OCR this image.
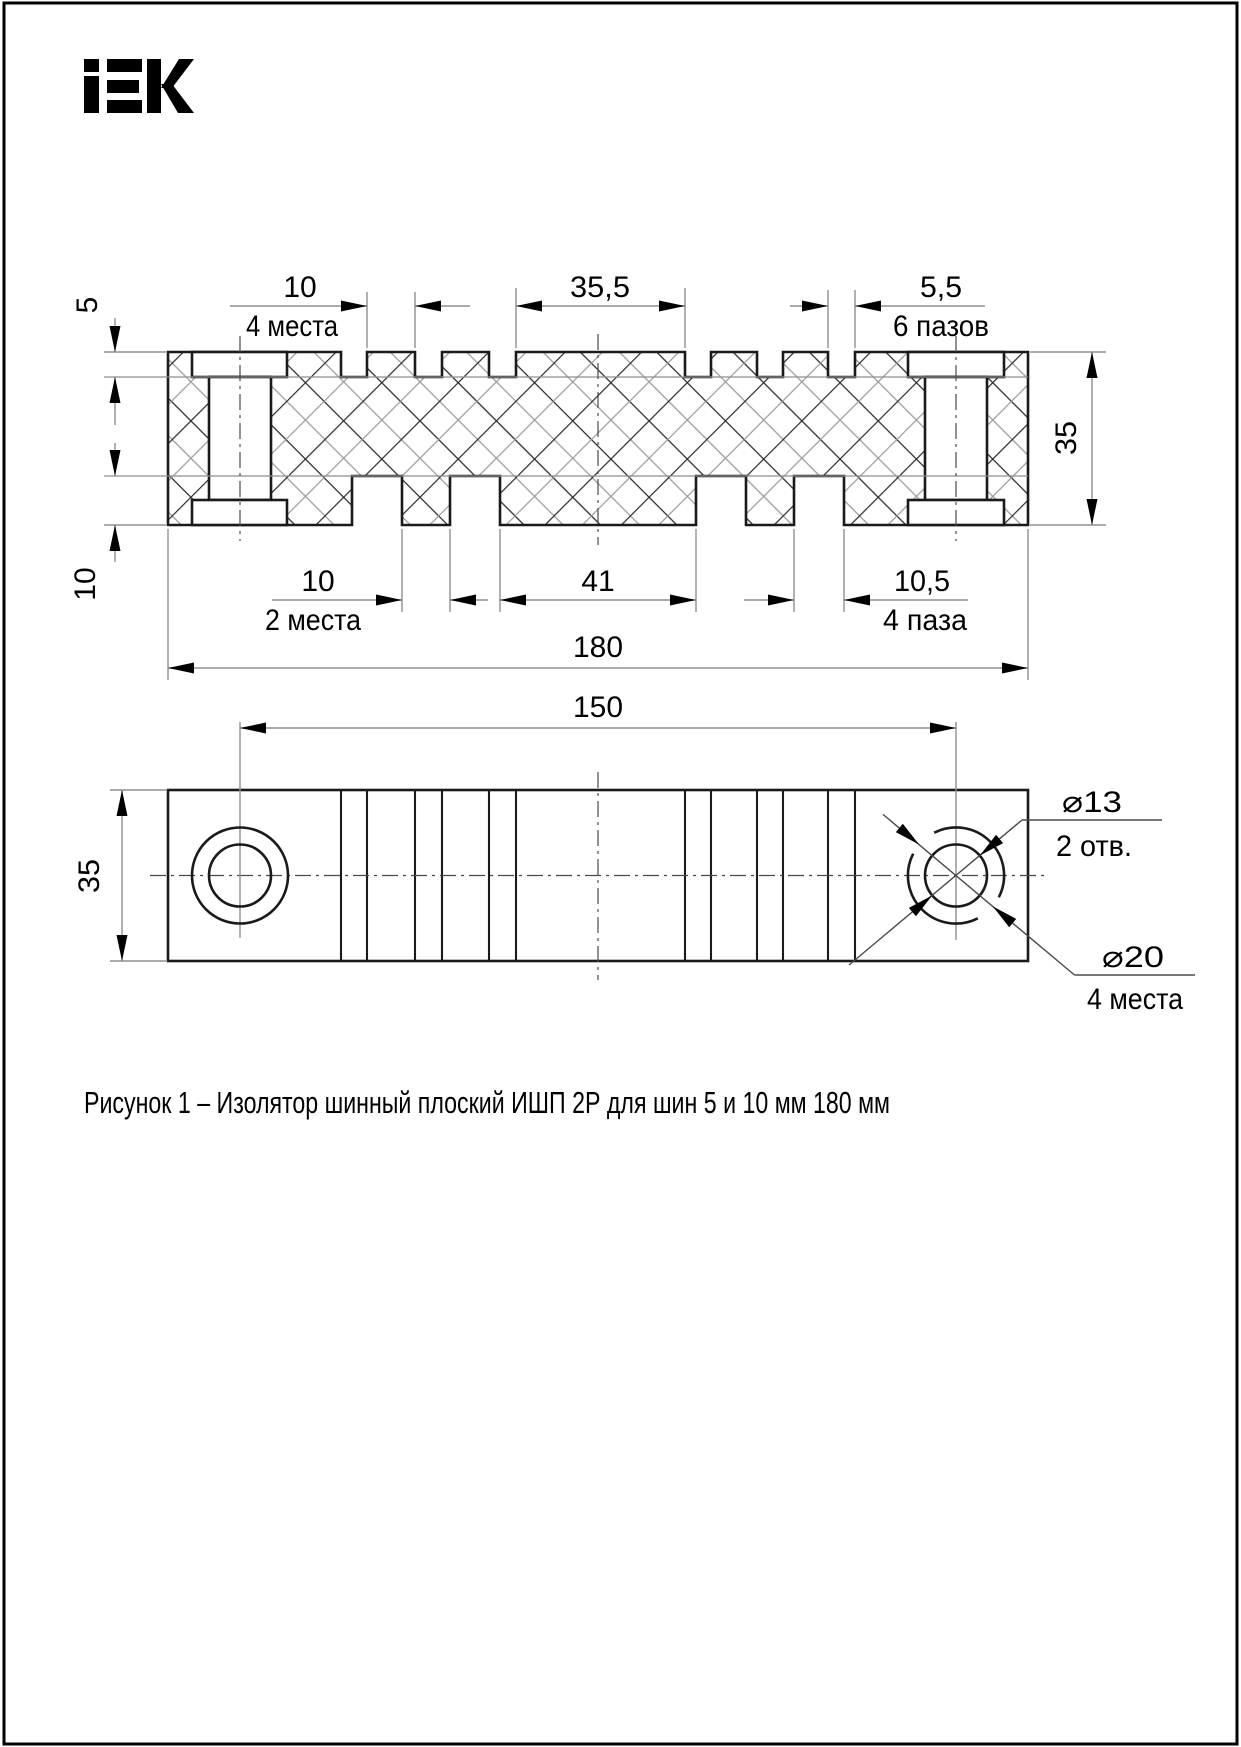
5
10
10
4 места
35,5	5,5
6 пазов
35
10
2 места
41	10,5
4 паза
180
150
35
⌀13
2 отв.
⌀20
4 места
Рисунок 1 – Изолятор шинный плоский ИШП 2Р для шин 5 и 10 мм 180 мм
